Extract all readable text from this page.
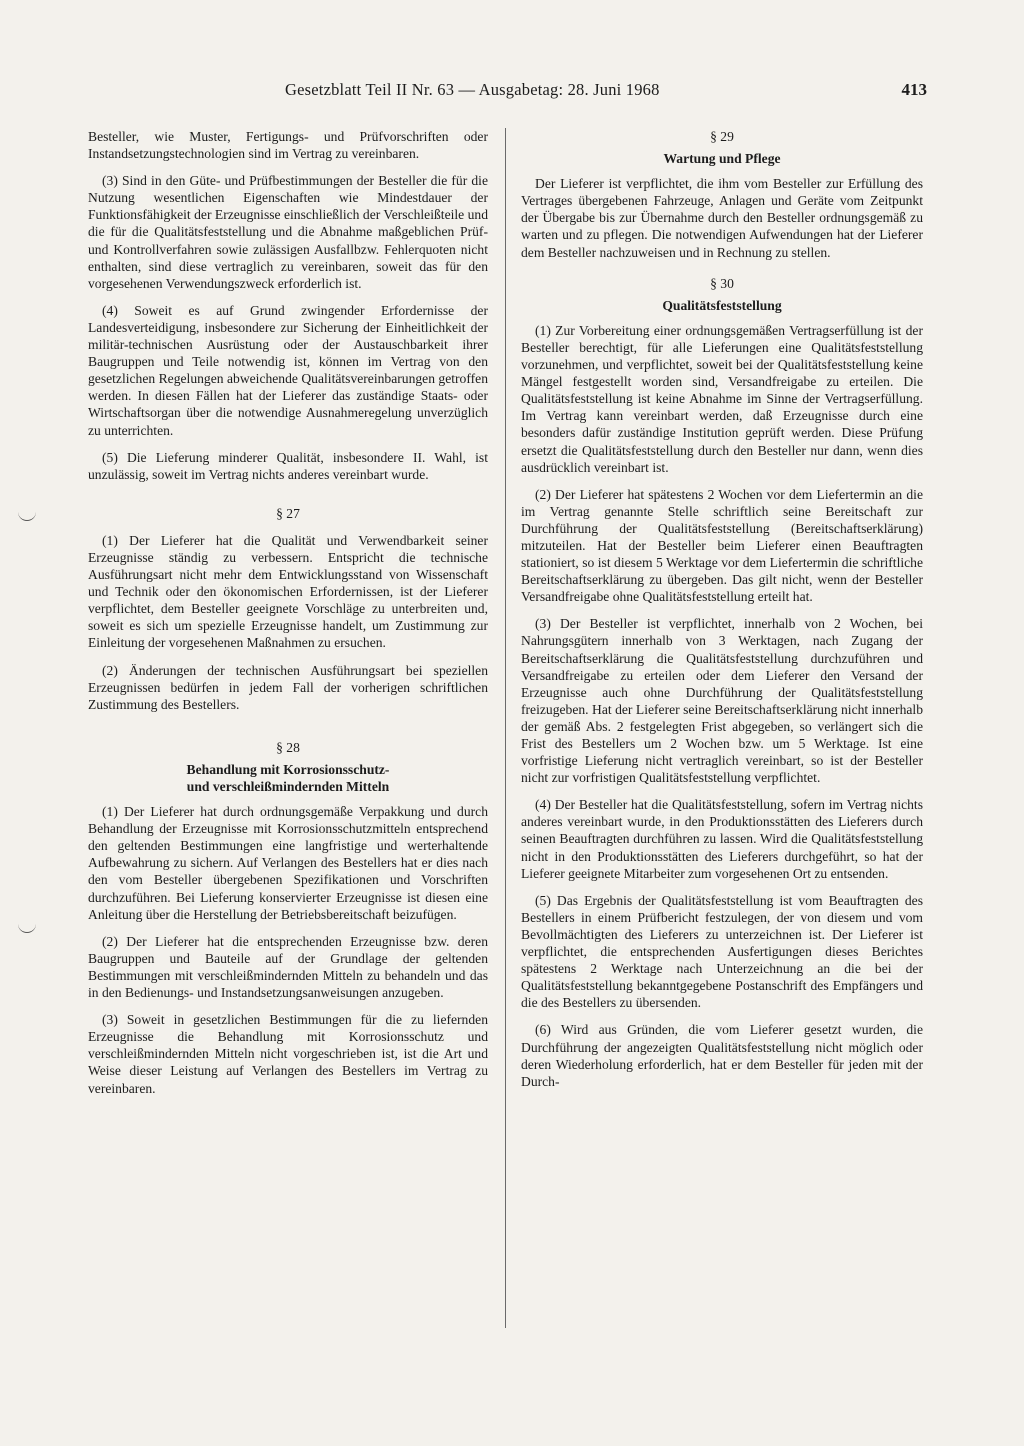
Gesetzblatt Teil II Nr. 63 — Ausgabetag: 28. Juni 1968	413

Besteller, wie Muster, Fertigungs- und Prüfvorschriften oder Instandsetzungstechnologien sind im Vertrag zu vereinbaren.

(3) Sind in den Güte- und Prüfbestimmungen der Besteller die für die Nutzung wesentlichen Eigenschaften wie Mindestdauer der Funktionsfähigkeit der Erzeugnisse einschließlich der Verschleißteile und die für die Qualitätsfeststellung und die Abnahme maßgeblichen Prüf- und Kontrollverfahren sowie zulässigen Ausfallbzw. Fehlerquoten nicht enthalten, sind diese vertraglich zu vereinbaren, soweit das für den vorgesehenen Verwendungszweck erforderlich ist.

(4) Soweit es auf Grund zwingender Erfordernisse der Landesverteidigung, insbesondere zur Sicherung der Einheitlichkeit der militär-technischen Ausrüstung oder der Austauschbarkeit ihrer Baugruppen und Teile notwendig ist, können im Vertrag von den gesetzlichen Regelungen abweichende Qualitätsvereinbarungen getroffen werden. In diesen Fällen hat der Lieferer das zuständige Staats- oder Wirtschaftsorgan über die notwendige Ausnahmeregelung unverzüglich zu unterrichten.

(5) Die Lieferung minderer Qualität, insbesondere II. Wahl, ist unzulässig, soweit im Vertrag nichts anderes vereinbart wurde.

§ 27

(1) Der Lieferer hat die Qualität und Verwendbarkeit seiner Erzeugnisse ständig zu verbessern. Entspricht die technische Ausführungsart nicht mehr dem Entwicklungsstand von Wissenschaft und Technik oder den ökonomischen Erfordernissen, ist der Lieferer verpflichtet, dem Besteller geeignete Vorschläge zu unterbreiten und, soweit es sich um spezielle Erzeugnisse handelt, um Zustimmung zur Einleitung der vorgesehenen Maßnahmen zu ersuchen.

(2) Änderungen der technischen Ausführungsart bei speziellen Erzeugnissen bedürfen in jedem Fall der vorherigen schriftlichen Zustimmung des Bestellers.

§ 28
Behandlung mit Korrosionsschutz-
und verschleißmindernden Mitteln

(1) Der Lieferer hat durch ordnungsgemäße Verpakkung und durch Behandlung der Erzeugnisse mit Korrosionsschutzmitteln entsprechend den geltenden Bestimmungen eine langfristige und werterhaltende Aufbewahrung zu sichern. Auf Verlangen des Bestellers hat er dies nach den vom Besteller übergebenen Spezifikationen und Vorschriften durchzuführen. Bei Lieferung konservierter Erzeugnisse ist diesen eine Anleitung über die Herstellung der Betriebsbereitschaft beizufügen.

(2) Der Lieferer hat die entsprechenden Erzeugnisse bzw. deren Baugruppen und Bauteile auf der Grundlage der geltenden Bestimmungen mit verschleißmindernden Mitteln zu behandeln und das in den Bedienungs- und Instandsetzungsanweisungen anzugeben.

(3) Soweit in gesetzlichen Bestimmungen für die zu liefernden Erzeugnisse die Behandlung mit Korrosionsschutz und verschleißmindernden Mitteln nicht vorgeschrieben ist, ist die Art und Weise dieser Leistung auf Verlangen des Bestellers im Vertrag zu vereinbaren.

§ 29
Wartung und Pflege

Der Lieferer ist verpflichtet, die ihm vom Besteller zur Erfüllung des Vertrages übergebenen Fahrzeuge, Anlagen und Geräte vom Zeitpunkt der Übergabe bis zur Übernahme durch den Besteller ordnungsgemäß zu warten und zu pflegen. Die notwendigen Aufwendungen hat der Lieferer dem Besteller nachzuweisen und in Rechnung zu stellen.

§ 30
Qualitätsfeststellung

(1) Zur Vorbereitung einer ordnungsgemäßen Vertragserfüllung ist der Besteller berechtigt, für alle Lieferungen eine Qualitätsfeststellung vorzunehmen, und verpflichtet, soweit bei der Qualitätsfeststellung keine Mängel festgestellt worden sind, Versandfreigabe zu erteilen. Die Qualitätsfeststellung ist keine Abnahme im Sinne der Vertragserfüllung. Im Vertrag kann vereinbart werden, daß Erzeugnisse durch eine besonders dafür zuständige Institution geprüft werden. Diese Prüfung ersetzt die Qualitätsfeststellung durch den Besteller nur dann, wenn dies ausdrücklich vereinbart ist.

(2) Der Lieferer hat spätestens 2 Wochen vor dem Liefertermin an die im Vertrag genannte Stelle schriftlich seine Bereitschaft zur Durchführung der Qualitätsfeststellung (Bereitschaftserklärung) mitzuteilen. Hat der Besteller beim Lieferer einen Beauftragten stationiert, so ist diesem 5 Werktage vor dem Liefertermin die schriftliche Bereitschaftserklärung zu übergeben. Das gilt nicht, wenn der Besteller Versandfreigabe ohne Qualitätsfeststellung erteilt hat.

(3) Der Besteller ist verpflichtet, innerhalb von 2 Wochen, bei Nahrungsgütern innerhalb von 3 Werktagen, nach Zugang der Bereitschaftserklärung die Qualitätsfeststellung durchzuführen und Versandfreigabe zu erteilen oder dem Lieferer den Versand der Erzeugnisse auch ohne Durchführung der Qualitätsfeststellung freizugeben. Hat der Lieferer seine Bereitschaftserklärung nicht innerhalb der gemäß Abs. 2 festgelegten Frist abgegeben, so verlängert sich die Frist des Bestellers um 2 Wochen bzw. um 5 Werktage. Ist eine vorfristige Lieferung nicht vertraglich vereinbart, so ist der Besteller nicht zur vorfristigen Qualitätsfeststellung verpflichtet.

(4) Der Besteller hat die Qualitätsfeststellung, sofern im Vertrag nichts anderes vereinbart wurde, in den Produktionsstätten des Lieferers durch seinen Beauftragten durchführen zu lassen. Wird die Qualitätsfeststellung nicht in den Produktionsstätten des Lieferers durchgeführt, so hat der Lieferer geeignete Mitarbeiter zum vorgesehenen Ort zu entsenden.

(5) Das Ergebnis der Qualitätsfeststellung ist vom Beauftragten des Bestellers in einem Prüfbericht festzulegen, der von diesem und vom Bevollmächtigten des Lieferers zu unterzeichnen ist. Der Lieferer ist verpflichtet, die entsprechenden Ausfertigungen dieses Berichtes spätestens 2 Werktage nach Unterzeichnung an die bei der Qualitätsfeststellung bekanntgegebene Postanschrift des Empfängers und die des Bestellers zu übersenden.

(6) Wird aus Gründen, die vom Lieferer gesetzt wurden, die Durchführung der angezeigten Qualitätsfeststellung nicht möglich oder deren Wiederholung erforderlich, hat er dem Besteller für jeden mit der Durch-
